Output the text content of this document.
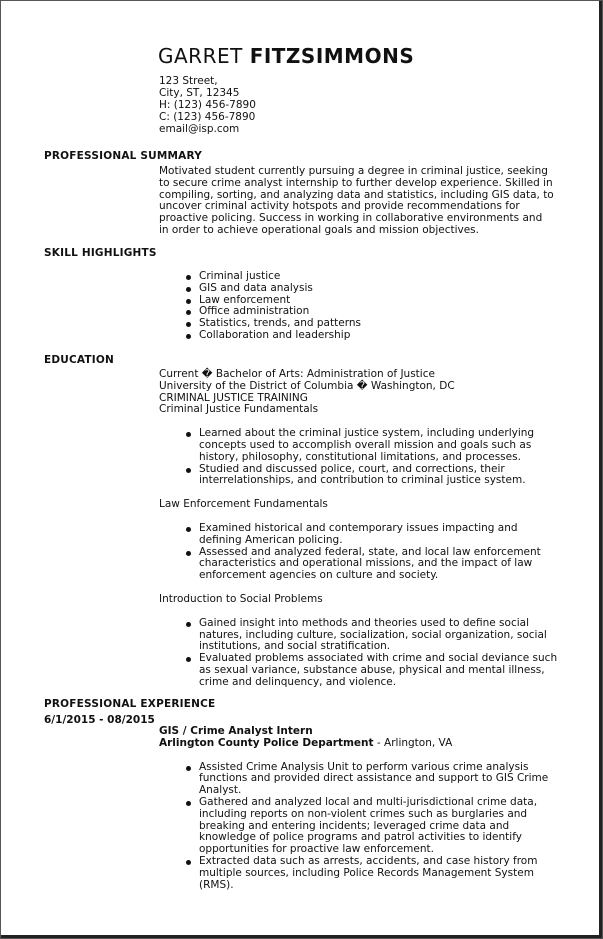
GARRET FITZSIMMONS
123 Street,
City, ST, 12345
H: (123) 456-7890
C: (123) 456-7890
email@isp.com
PROFESSIONAL SUMMARY
Motivated student currently pursuing a degree in criminal justice, seeking to secure crime analyst internship to further develop experience. Skilled in compiling, sorting, and analyzing data and statistics, including GIS data, to uncover criminal activity hotspots and provide recommendations for proactive policing. Success in working in collaborative environments and in order to achieve operational goals and mission objectives.
SKILL HIGHLIGHTS
Criminal justice
GIS and data analysis
Law enforcement
Office administration
Statistics, trends, and patterns
Collaboration and leadership
EDUCATION
Current � Bachelor of Arts: Administration of Justice
University of the District of Columbia � Washington, DC
CRIMINAL JUSTICE TRAINING
Criminal Justice Fundamentals
Learned about the criminal justice system, including underlying concepts used to accomplish overall mission and goals such as history, philosophy, constitutional limitations, and processes.
Studied and discussed police, court, and corrections, their interrelationships, and contribution to criminal justice system.
Law Enforcement Fundamentals
Examined historical and contemporary issues impacting and defining American policing.
Assessed and analyzed federal, state, and local law enforcement characteristics and operational missions, and the impact of law enforcement agencies on culture and society.
Introduction to Social Problems
Gained insight into methods and theories used to define social natures, including culture, socialization, social organization, social institutions, and social stratification.
Evaluated problems associated with crime and social deviance such as sexual variance, substance abuse, physical and mental illness, crime and delinquency, and violence.
PROFESSIONAL EXPERIENCE
6/1/2015 - 08/2015
GIS / Crime Analyst Intern
Arlington County Police Department - Arlington, VA
Assisted Crime Analysis Unit to perform various crime analysis functions and provided direct assistance and support to GIS Crime Analyst.
Gathered and analyzed local and multi-jurisdictional crime data, including reports on non-violent crimes such as burglaries and breaking and entering incidents; leveraged crime data and knowledge of police programs and patrol activities to identify opportunities for proactive law enforcement.
Extracted data such as arrests, accidents, and case history from multiple sources, including Police Records Management System (RMS).
